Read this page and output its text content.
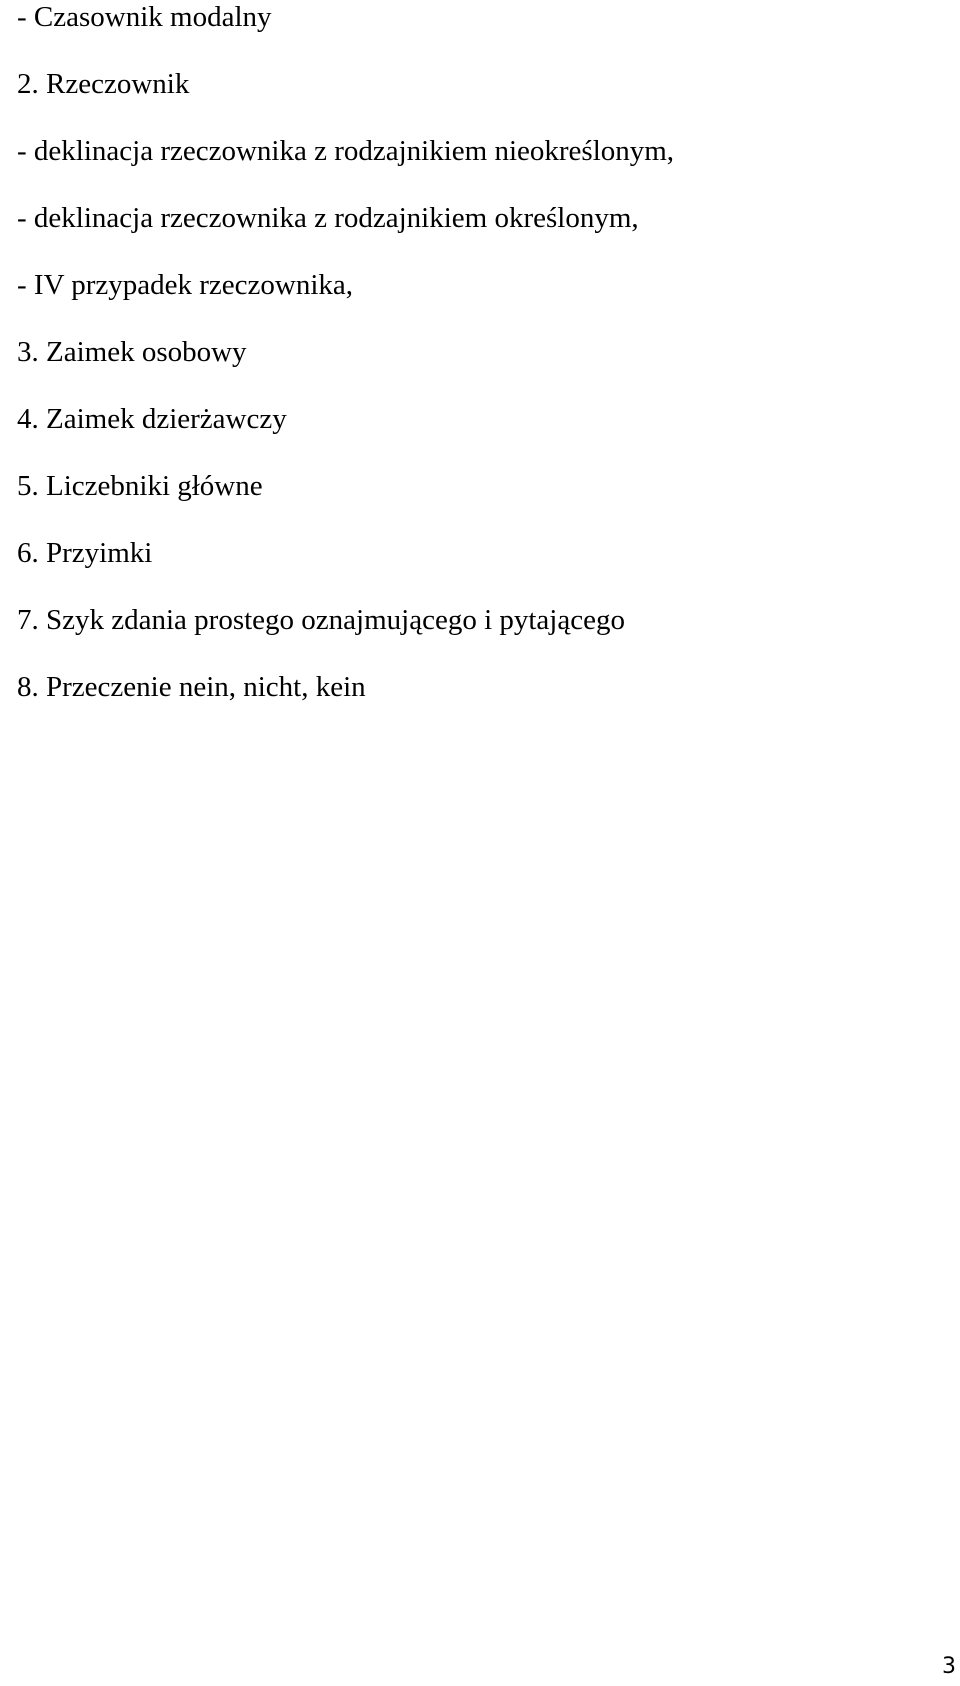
- Czasownik modalny
2. Rzeczownik
- deklinacja rzeczownika z rodzajnikiem nieokreślonym,
- deklinacja rzeczownika z rodzajnikiem określonym,
- IV przypadek rzeczownika,
3. Zaimek osobowy
4. Zaimek dzierżawczy
5. Liczebniki główne
6. Przyimki
7. Szyk zdania prostego oznajmującego i pytającego
8. Przeczenie nein, nicht, kein
3
